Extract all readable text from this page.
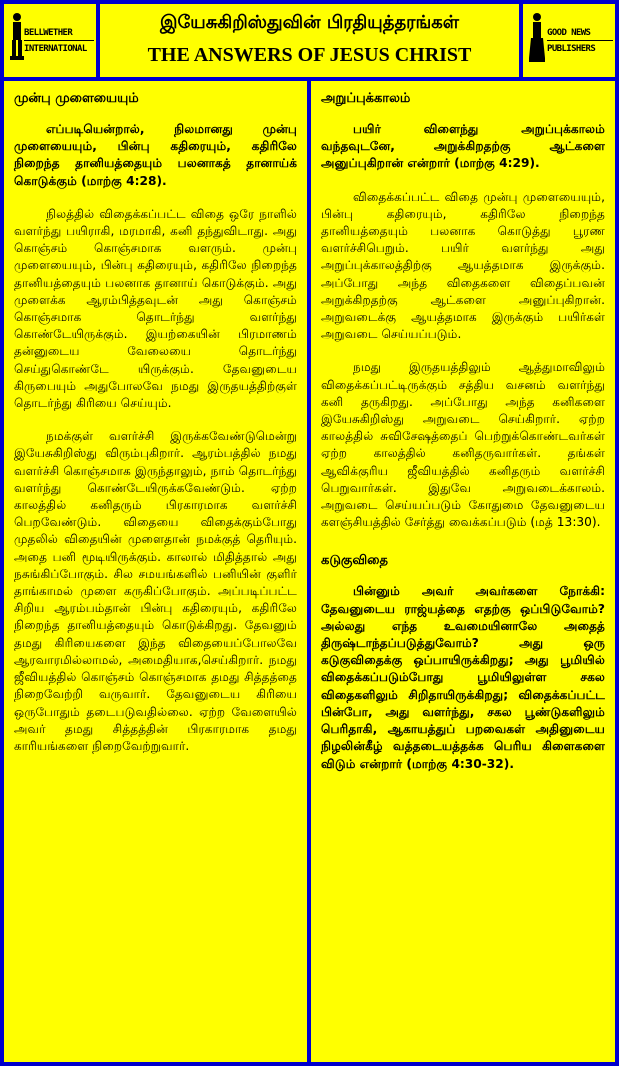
BELLWETHER
INTERNATIONAL
இயேசுகிறிஸ்துவின் பிரதியுத்தரங்கள்
THE ANSWERS OF JESUS CHRIST
GOOD NEWS
PUBLISHERS
முன்பு முளையையும்

எப்படியென்றால், நிலமானது முன்பு முளையையும், பின்பு கதிரையும், கதிரிலே நிறைந்த தானியத்தையும் பலனாகத் தானாய்க் கொடுக்கும் (மாற்கு 4:28).

நிலத்தில் விதைக்கப்பட்ட விதை ஒரே நாளில் வளர்ந்து பயிராகி, மரமாகி, கனி தந்துவிடாது. அது கொஞ்சம் கொஞ்சமாக வளரும். முன்பு முளையையும், பின்பு கதிரையும், கதிரிலே நிறைந்த தானியத்தையும் பலனாக தானாய் கொடுக்கும். அது முளைக்க ஆரம்பித்தவுடன் அது கொஞ்சம் கொஞ்சமாக தொடர்ந்து வளர்ந்து கொண்டேயிருக்கும். இயற்கையின் பிரமாணம் தன்னுடைய வேலையை தொடர்ந்து செய்துகொண்டே யிருக்கும். தேவனுடைய கிருபையும் அதுபோலவே நமது இருதயத்திற்குள் தொடர்ந்து கிரியை செய்யும்.

நமக்குள் வளர்ச்சி இருக்கவேண்டுமென்று இயேசுகிறிஸ்து விரும்புகிறார். ஆரம்பத்தில் நமது வளர்ச்சி கொஞ்சமாக இருந்தாலும், நாம் தொடர்ந்து வளர்ந்து கொண்டேயிருக்கவேண்டும். ஏற்ற காலத்தில் கனிதரும் பிரகாரமாக வளர்ச்சி பெறவேண்டும். விதையை விதைக்கும்போது முதலில் விதையின் முளைதான் நமக்குத் தெரியும். அதை பனி மூடியிருக்கும். காலால் மிதித்தால் அது நசுங்கிப்போகும். சில சமயங்களில் பனியின் குளிர் தாங்காமல் முளை கருகிப்போகும். அப்படிப்பட்ட சிறிய ஆரம்பம்தான் பின்பு கதிரையும், கதிரிலே நிறைந்த தானியத்தையும் கொடுக்கிறது. தேவனும் தமது கிரியைகளை இந்த விதையைப்போலவே ஆரவாரமில்லாமல், அமைதியாக,செய்கிறார். நமது ஜீவியத்தில் கொஞ்சம் கொஞ்சமாக தமது சித்தத்தை நிறைவேற்றி வருவார். தேவனுடைய கிரியை ஒருபோதும் தடைபடுவதில்லை. ஏற்ற வேளையில் அவர் தமது சித்தத்தின் பிரகாரமாக தமது காரியங்களை நிறைவேற்றுவார்.

அறுப்புக்காலம்

பயிர் விளைந்து அறுப்புக்காலம் வந்தவுடனே, அறுக்கிறதற்கு ஆட்களை அனுப்புகிறான் என்றார் (மாற்கு 4:29).

விதைக்கப்பட்ட விதை முன்பு முளையையும், பின்பு கதிரையும், கதிரிலே நிறைந்த தானியத்தையும் பலனாக கொடுத்து பூரண வளர்ச்சிபெறும். பயிர் வளர்ந்து அது அறுப்புக்காலத்திற்கு ஆயத்தமாக இருக்கும். அப்போது அந்த விதைகளை விதைப்பவன் அறுக்கிறதற்கு ஆட்களை அனுப்புகிறான். அறுவடைக்கு ஆயத்தமாக இருக்கும் பயிர்கள் அறுவடை செய்யப்படும்.

நமது இருதயத்திலும் ஆத்துமாவிலும் விதைக்கப்பட்டிருக்கும் சத்திய வசனம் வளர்ந்து கனி தருகிறது. அப்போது அந்த கனிகளை இயேசுகிறிஸ்து அறுவடை செய்கிறார். ஏற்ற காலத்தில் சுவிசேஷத்தைப் பெற்றுக்கொண்டவர்கள் ஏற்ற காலத்தில் கனிதருவார்கள். தங்கள் ஆவிக்குரிய ஜீவியத்தில் கனிதரும் வளர்ச்சி பெறுவார்கள். இதுவே அறுவடைக்காலம். அறுவடை செய்யப்படும் கோதுமை தேவனுடைய களஞ்சியத்தில் சேர்த்து வைக்கப்படும் (மத் 13:30).

கடுகுவிதை

பின்னும் அவர் அவர்களை நோக்கி: தேவனுடைய ராஜ்யத்தை எதற்கு ஒப்பிடுவோம்? அல்லது எந்த உவமையினாலே அதைத் திருஷ்டாந்தப்படுத்துவோம்? அது ஒரு கடுகுவிதைக்கு ஒப்பாயிருக்கிறது; அது பூமியில் விதைக்கப்படும்போது பூமியிலுள்ள சகல விதைகளிலும் சிறிதாயிருக்கிறது; விதைக்கப்பட்ட பின்போ, அது வளர்ந்து, சகல பூண்டுகளிலும் பெரிதாகி, ஆகாயத்துப் பறவைகள் அதினுடைய நிழலின்கீழ் வத்தடையத்தக்க பெரிய கிளைகளை விடும் என்றார் (மாற்கு 4:30-32).
